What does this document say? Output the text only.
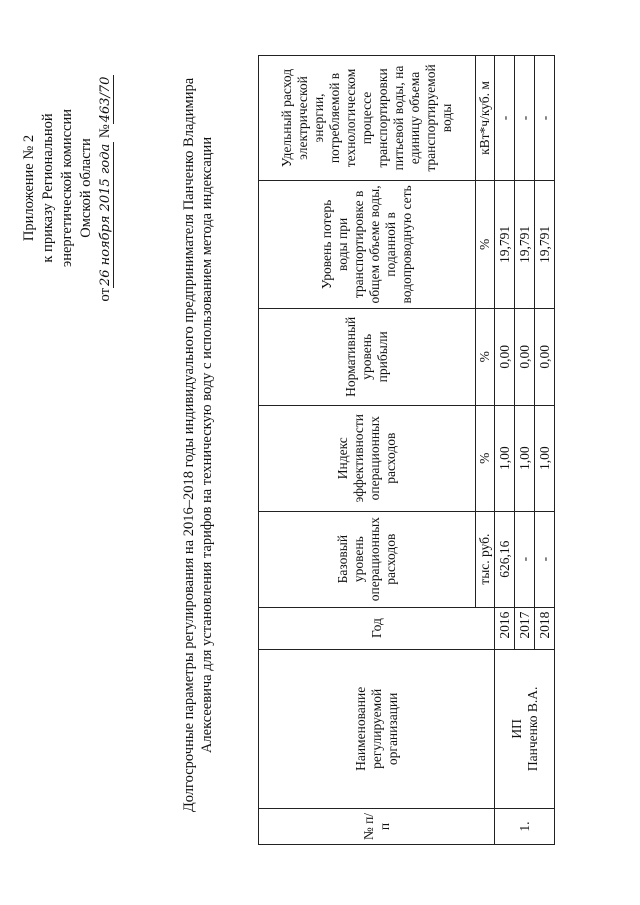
Приложение № 2 к приказу Региональной энергетической комиссии Омской области
от26 ноября 2015 года №463/70	Долгосрочные параметры регулирования на 2016–2018 годы индивидуального предпринимателя Панченко Владимира Алексеевича для установления тарифов на техническую воду с использованием метода индексации
№ п/п	Наименование регулируемой организации	Год	Базовый уровень операционных расходов	Индекс эффективности операционных расходов	Нормативный уровень прибыли	Уровень потерь воды при транспортировке в общем объеме воды, поданной в водопроводную сеть	Удельный расход электрической энергии, потребляемой в технологическом процессе транспортировки питьевой воды, на единицу объема транспортируемой воды
			тыс. руб.	%	%	%	кВт*ч/куб. м
1.	ИП Панченко В.А.	2016	626,16	1,00	0,00	19,791	-
		2017	-	1,00	0,00	19,791	-
		2018	-	1,00	0,00	19,791	-
